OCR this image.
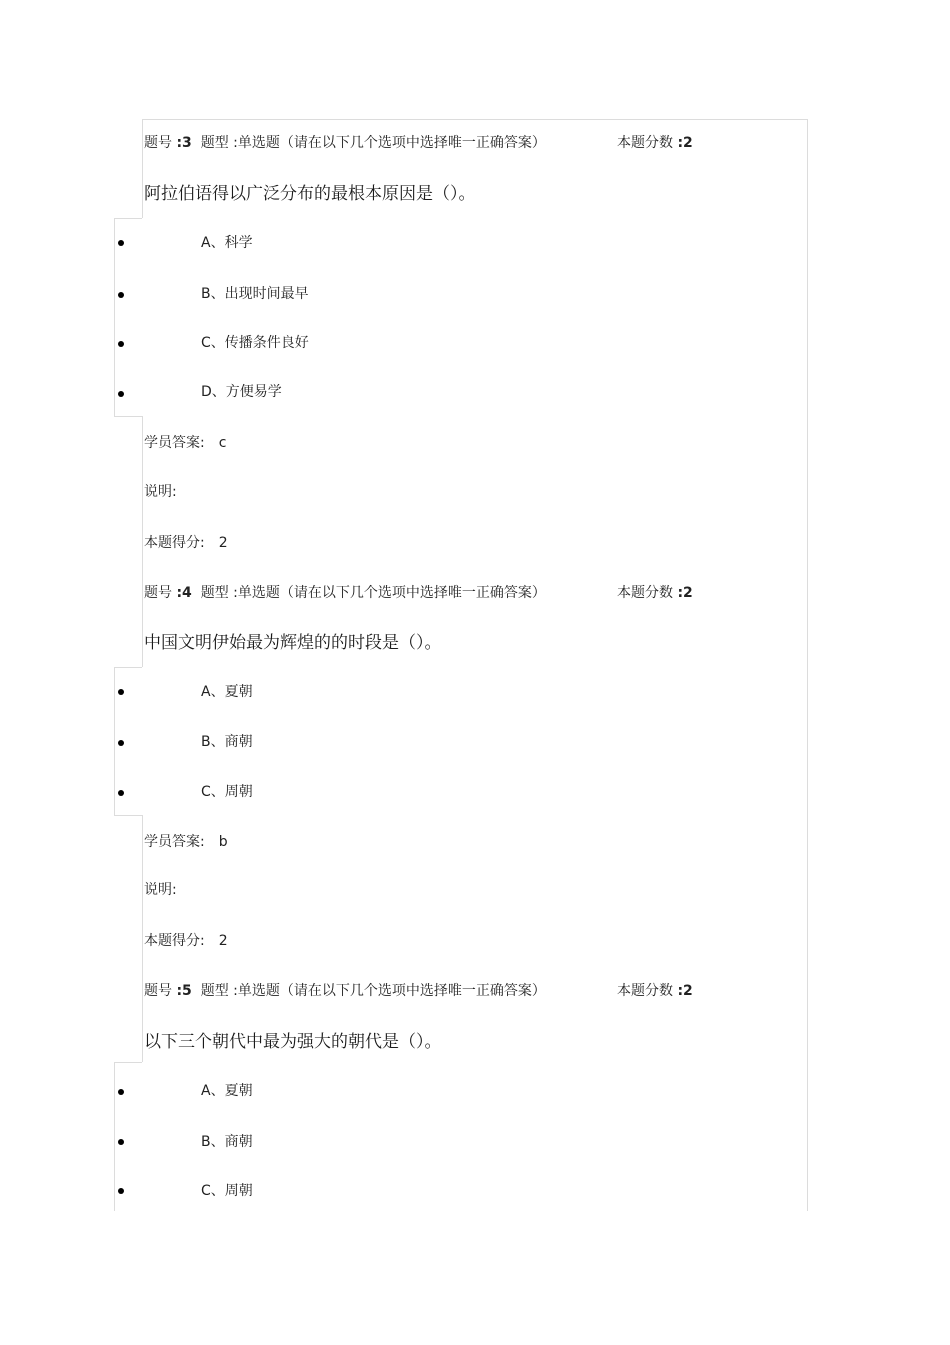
题号 :3 题型 :单选题（请在以下几个选项中选择唯一正确答案）	本题分数 :2
阿拉伯语得以广泛分布的最根本原因是（）。
A、科学
B、出现时间最早
C、传播条件良好
D、方便易学
学员答案: c
说明:
本题得分: 2
题号 :4 题型 :单选题（请在以下几个选项中选择唯一正确答案）	本题分数 :2
中国文明伊始最为辉煌的的时段是（）。
A、夏朝
B、商朝
C、周朝
学员答案: b
说明:
本题得分: 2
题号 :5 题型 :单选题（请在以下几个选项中选择唯一正确答案）	本题分数 :2
以下三个朝代中最为强大的朝代是（）。
A、夏朝
B、商朝
C、周朝
